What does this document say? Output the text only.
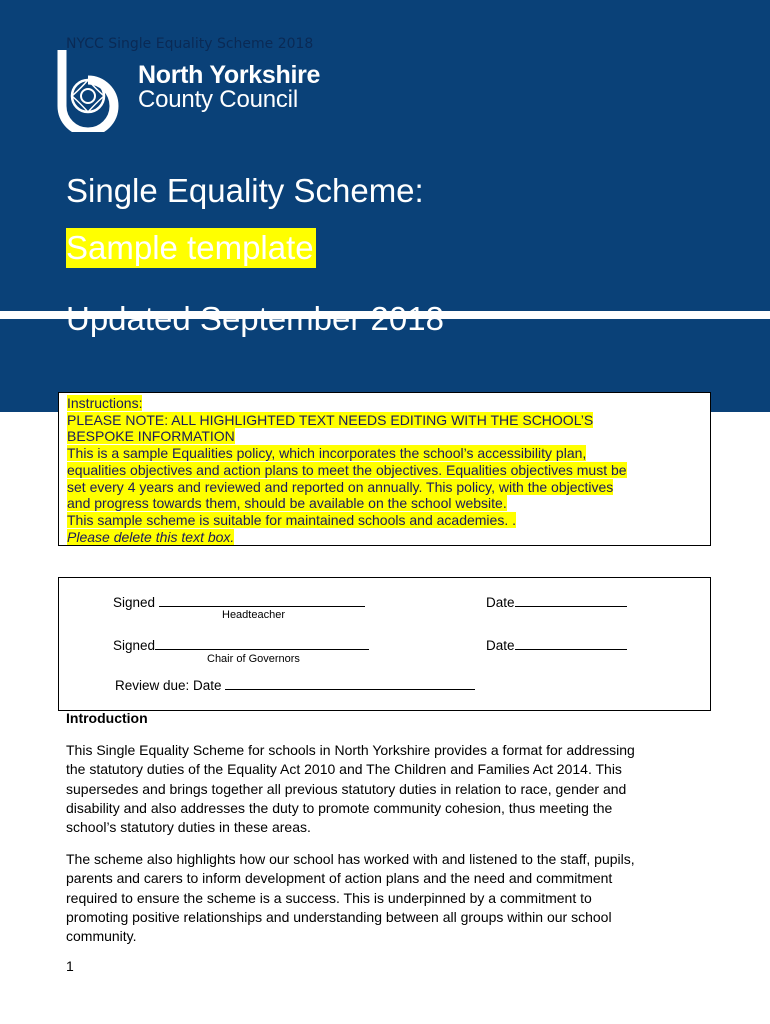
NYCC Single Equality Scheme 2018
North Yorkshire
County Council
Single Equality Scheme:
Sample template
Updated September 2018
Instructions:
PLEASE NOTE: ALL HIGHLIGHTED TEXT NEEDS EDITING WITH THE SCHOOL’S
BESPOKE INFORMATION
This is a sample Equalities policy, which incorporates the school’s accessibility plan,
equalities objectives and action plans to meet the objectives. Equalities objectives must be
set every 4 years and reviewed and reported on annually. This policy, with the objectives
and progress towards them, should be available on the school website.
This sample scheme is suitable for maintained schools and academies. .
Please delete this text box.
Signed
Headteacher
Date
Signed
Chair of Governors
Date
Review due: Date
Introduction
This Single Equality Scheme for schools in North Yorkshire provides a format for addressing
the statutory duties of the Equality Act 2010 and The Children and Families Act 2014. This
supersedes and brings together all previous statutory duties in relation to race, gender and
disability and also addresses the duty to promote community cohesion, thus meeting the
school’s statutory duties in these areas.
The scheme also highlights how our school has worked with and listened to the staff, pupils,
parents and carers to inform development of action plans and the need and commitment
required to ensure the scheme is a success. This is underpinned by a commitment to
promoting positive relationships and understanding between all groups within our school
community.
1
